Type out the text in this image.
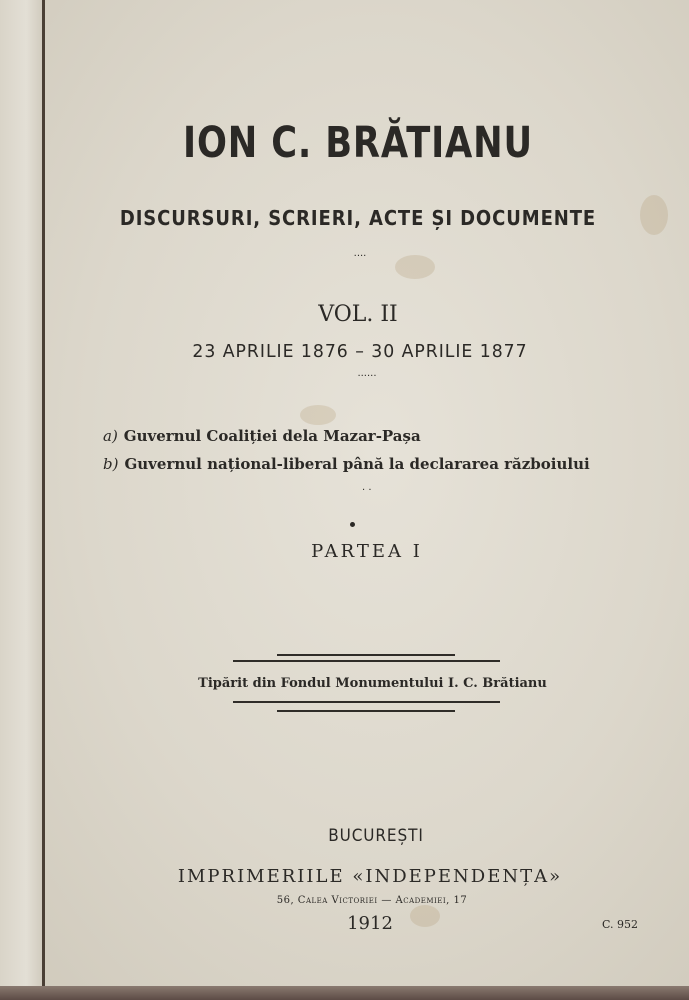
ION C. BRĂTIANU
DISCURSURI, SCRIERI, ACTE ȘI DOCUMENTE
....
VOL. II
23 APRILIE 1876 – 30 APRILIE 1877
......
a) Guvernul Coaliției dela Mazar-Pașa
b) Guvernul național-liberal până la declararea războiului
. .
PARTEA I
Tipărit din Fondul Monumentului I. C. Brătianu
BUCUREȘTI
IMPRIMERIILE «INDEPENDENȚA»
56, Calea Victoriei — Academiei, 17
1912	C. 952
